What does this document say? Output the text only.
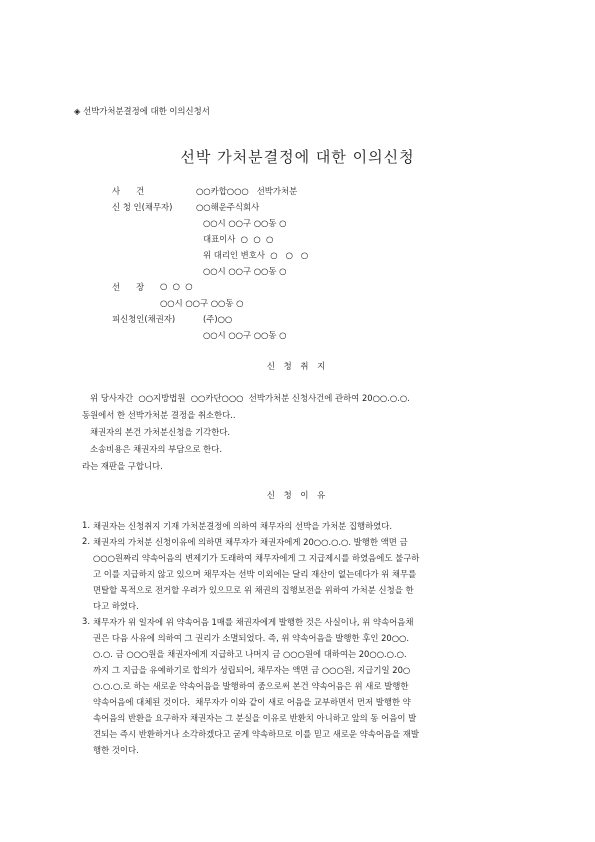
◈ 선박가처분결정에 대한 이의신청서
선박 가처분결정에 대한 이의신청
사      건	○○카합○○○   선박가처분
신 청 인(채무자)	○○해운주식회사
○○시 ○○구 ○○동 ○
대표이사  ○  ○  ○
위 대리인 변호사  ○   ○   ○
○○시 ○○구 ○○동 ○
선      장 ○  ○  ○
○○시 ○○구 ○○동 ○
피신청인(채권자)	(주)○○
○○시 ○○구 ○○동 ○
신 청 취 지
위 당사자간  ○○지방법원  ○○카단○○○  선박가처분 신청사건에 관하여 20○○.○.○.
동원에서 한 선박가처분 결정을 취소한다..
채권자의 본건 가처분신청을 기각한다.
소송비용은 채권자의 부담으로 한다.
라는 재판을 구합니다.
신 청 이 유
1. 채권자는 신청취지 기재 가처분결정에 의하여 채무자의 선박을 가처분 집행하였다.
2. 채권자의 가처분 신청이유에 의하면 채무자가 채권자에게 20○○.○.○. 발행한 액면 금
○○○원짜리 약속어음의 변제기가 도래하여 채무자에게 그 지급제시를 하였음에도 불구하
고 이를 지급하지 않고 있으며 채무자는 선박 이외에는 달리 재산이 없는데다가 위 채무를
면탈할 목적으로 전거할 우려가 있으므로 위 채권의 집행보전을 위하여 가처분 신청을 한
다고 하였다.
3. 채무자가 위 일자에 위 약속어음 1매를 채권자에게 발행한 것은 사실이나, 위 약속어음채
권은 다음 사유에 의하여 그 권리가 소멸되었다. 즉, 위 약속어음을 발행한 후인 20○○.
○.○. 금 ○○○원을 채권자에게 지급하고 나머지 금 ○○○원에 대하여는 20○○.○.○.
까지 그 지급을 유예하기로 합의가 성립되어, 채무자는 액면 금 ○○○원, 지급기일 20○
○.○.○.로 하는 새로운 약속어음을 발행하여 줌으로써 본건 약속어음은 위 새로 발행한
약속어음에 대체된 것이다.  채무자가 이와 같이 새로 어음을 교부하면서 먼저 발행한 약
속어음의 반환을 요구하자 채권자는 그 분실을 이유로 반환치 아니하고 앞의 동 어음이 발
견되는 즉시 반환하거나 소각하겠다고 굳게 약속하므로 이를 믿고 새로운 약속어음을 재발
행한 것이다.
